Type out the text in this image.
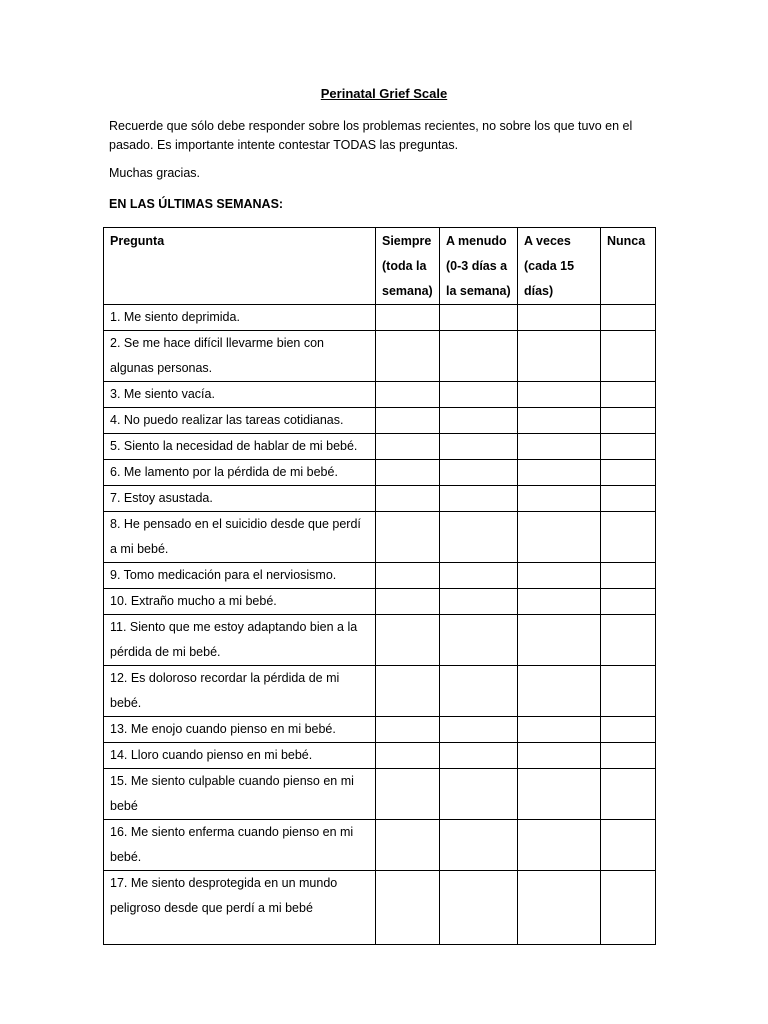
Perinatal Grief Scale
Recuerde que sólo debe responder sobre los problemas recientes, no sobre los que tuvo en el pasado. Es importante intente contestar TODAS las preguntas.
Muchas gracias.
EN LAS ÚLTIMAS SEMANAS:
Pregunta	Siempre (toda la semana)	A menudo (0-3 días a la semana)	A veces (cada 15 días)	Nunca
1. Me siento deprimida.				
2. Se me hace difícil llevarme bien con algunas personas.				
3. Me siento vacía.				
4. No puedo realizar las tareas cotidianas.				
5. Siento la necesidad de hablar de mi bebé.				
6. Me lamento por la pérdida de mi bebé.				
7. Estoy asustada.				
8. He pensado en el suicidio desde que perdí a mi bebé.				
9. Tomo medicación para el nerviosismo.				
10. Extraño mucho a mi bebé.				
11. Siento que me estoy adaptando bien a la pérdida de mi bebé.				
12. Es doloroso recordar la pérdida de mi bebé.				
13. Me enojo cuando pienso en mi bebé.				
14. Lloro cuando pienso en mi bebé.				
15. Me siento culpable cuando pienso en mi bebé				
16. Me siento enferma cuando pienso en mi bebé.				
17. Me siento desprotegida en un mundo peligroso desde que perdí a mi bebé				
